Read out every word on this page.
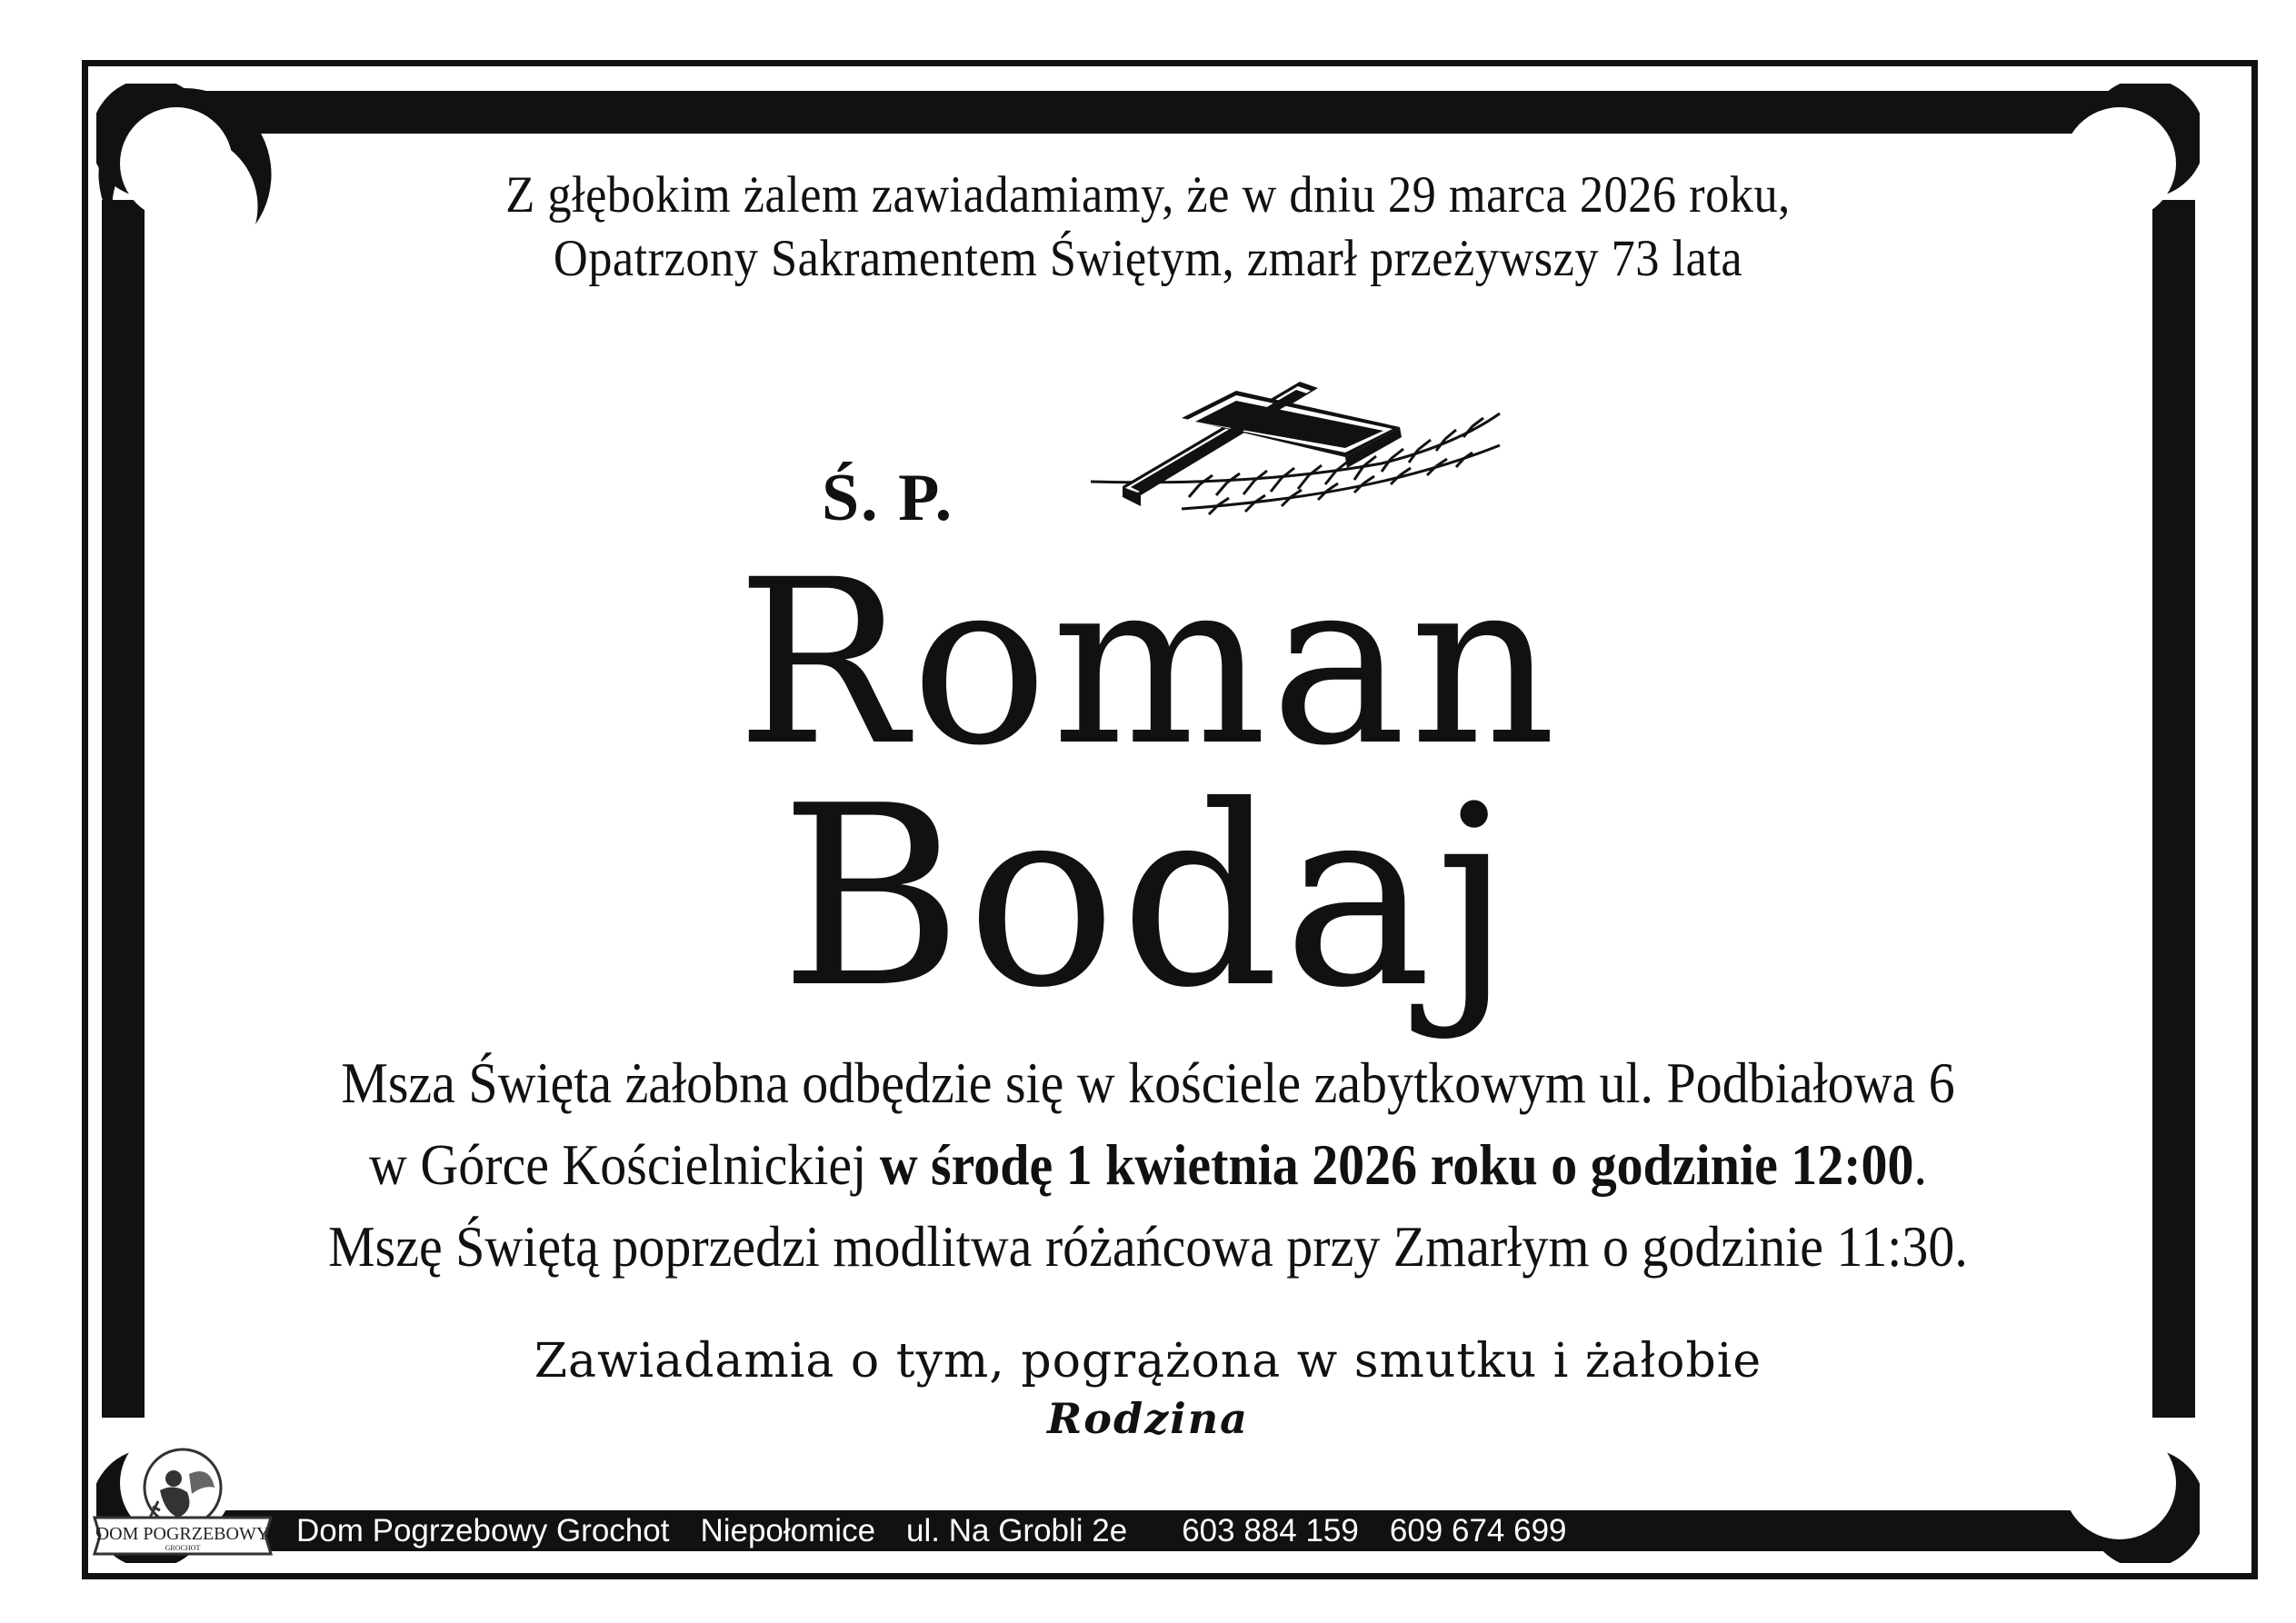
Z głębokim żalem zawiadamiamy, że w dniu 29 marca 2026 roku,
Opatrzony Sakramentem Świętym, zmarł przeżywszy 73 lata
Ś. P.
Roman
Bodaj
Msza Święta żałobna odbędzie się w kościele zabytkowym ul. Podbiałowa 6
w Górce Kościelnickiej w środę 1 kwietnia 2026 roku o godzinie 12:00.
Mszę Świętą poprzedzi modlitwa różańcowa przy Zmarłym o godzinie 11:30.
Zawiadamia o tym, pogrążona w smutku i żałobie
Rodzina
DOM POGRZEBOWY
GROCHOT	Dom Pogrzebowy Grochot Niepołomice ul. Na Grobli 2e 603 884 159 609 674 699
